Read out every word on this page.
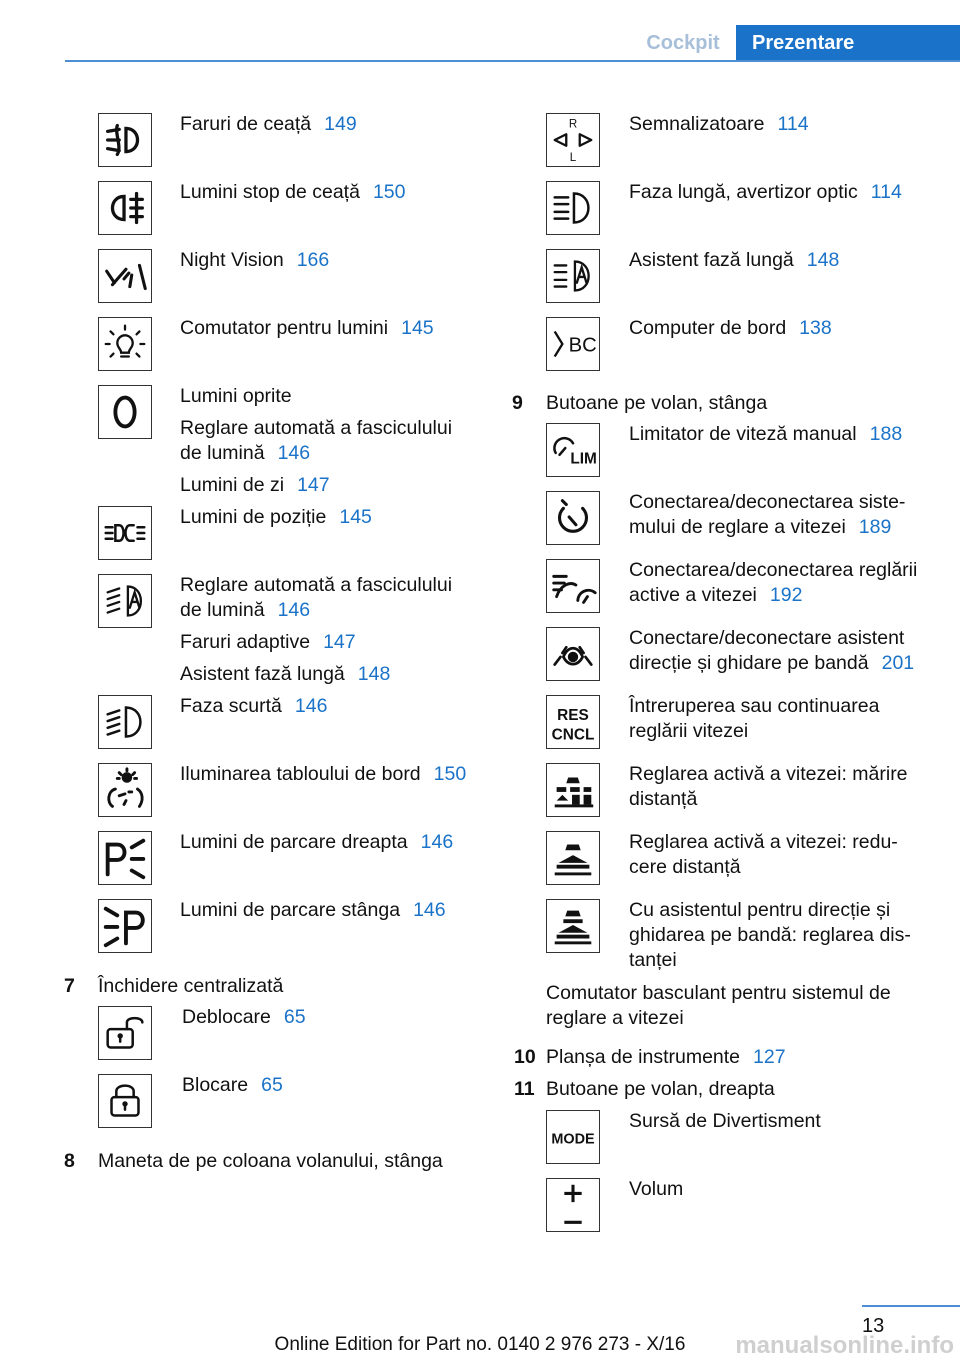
Cockpit	Prezentare
Faruri de ceață 149
Lumini stop de ceață 150
Night Vision 166
Comutator pentru lumini 145
Lumini oprite
Reglare automată a fasciculului
de lumină 146
Lumini de zi 147
Lumini de poziție 145
Reglare automată a fasciculului
de lumină 146
Faruri adaptive 147
Asistent fază lungă 148
Faza scurtă 146
Iluminarea tabloului de bord 150
Lumini de parcare dreapta 146
Lumini de parcare stânga 146
7 Închidere centralizată
Deblocare 65
Blocare 65
8 Maneta de pe coloana volanului, stânga
R
L
Semnalizatoare 114
Faza lungă, avertizor optic 114
Asistent fază lungă 148
BC
Computer de bord 138
9 Butoane pe volan, stânga
LIM
Limitator de viteză manual 188
Conectarea/deconectarea siste‐
mului de reglare a vitezei 189
Conectarea/deconectarea reglării
active a vitezei 192
Conectare/deconectare asistent
direcție și ghidare pe bandă 201
RES
CNCL
Întreruperea sau continuarea
reglării vitezei
Reglarea activă a vitezei: mărire
distanță
Reglarea activă a vitezei: redu‐
cere distanță
Cu asistentul pentru direcție și
ghidarea pe bandă: reglarea dis‐
tanței
Comutator basculant pentru sistemul de
reglare a vitezei
10 Planșa de instrumente 127
11 Butoane pe volan, dreapta
MODE
Sursă de Divertisment
Volum
13
Online Edition for Part no. 0140 2 976 273 - X/16	manualsonline.info
